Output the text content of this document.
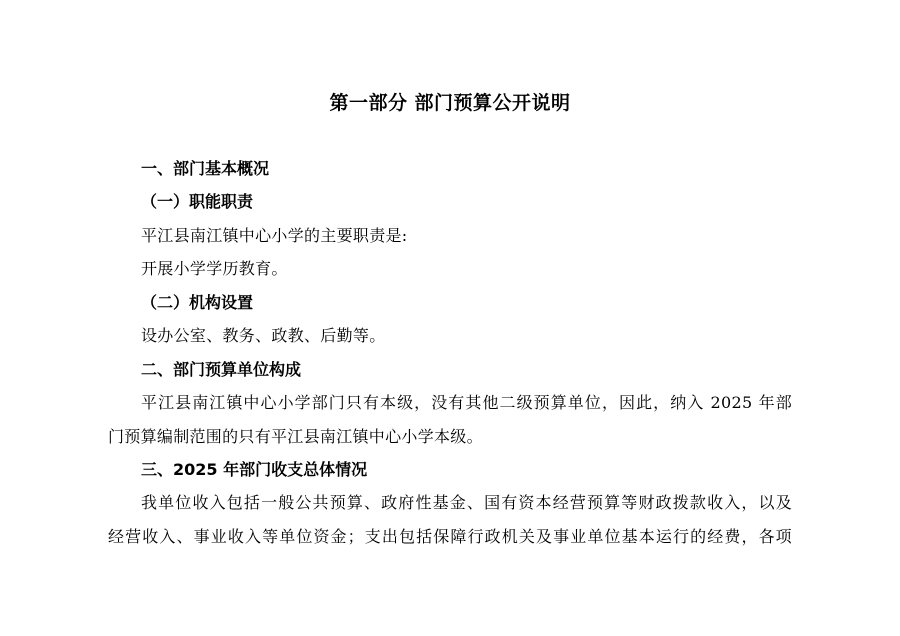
第一部分 部门预算公开说明
一、部门基本概况
（一）职能职责
平江县南江镇中心小学的主要职责是:
开展小学学历教育。
（二）机构设置
设办公室、教务、政教、后勤等。
二、部门预算单位构成
平江县南江镇中心小学部门只有本级，没有其他二级预算单位，因此，纳入 2025 年部
门预算编制范围的只有平江县南江镇中心小学本级。
三、2025 年部门收支总体情况
我单位收入包括一般公共预算、政府性基金、国有资本经营预算等财政拨款收入，以及
经营收入、事业收入等单位资金；支出包括保障行政机关及事业单位基本运行的经费，各项
